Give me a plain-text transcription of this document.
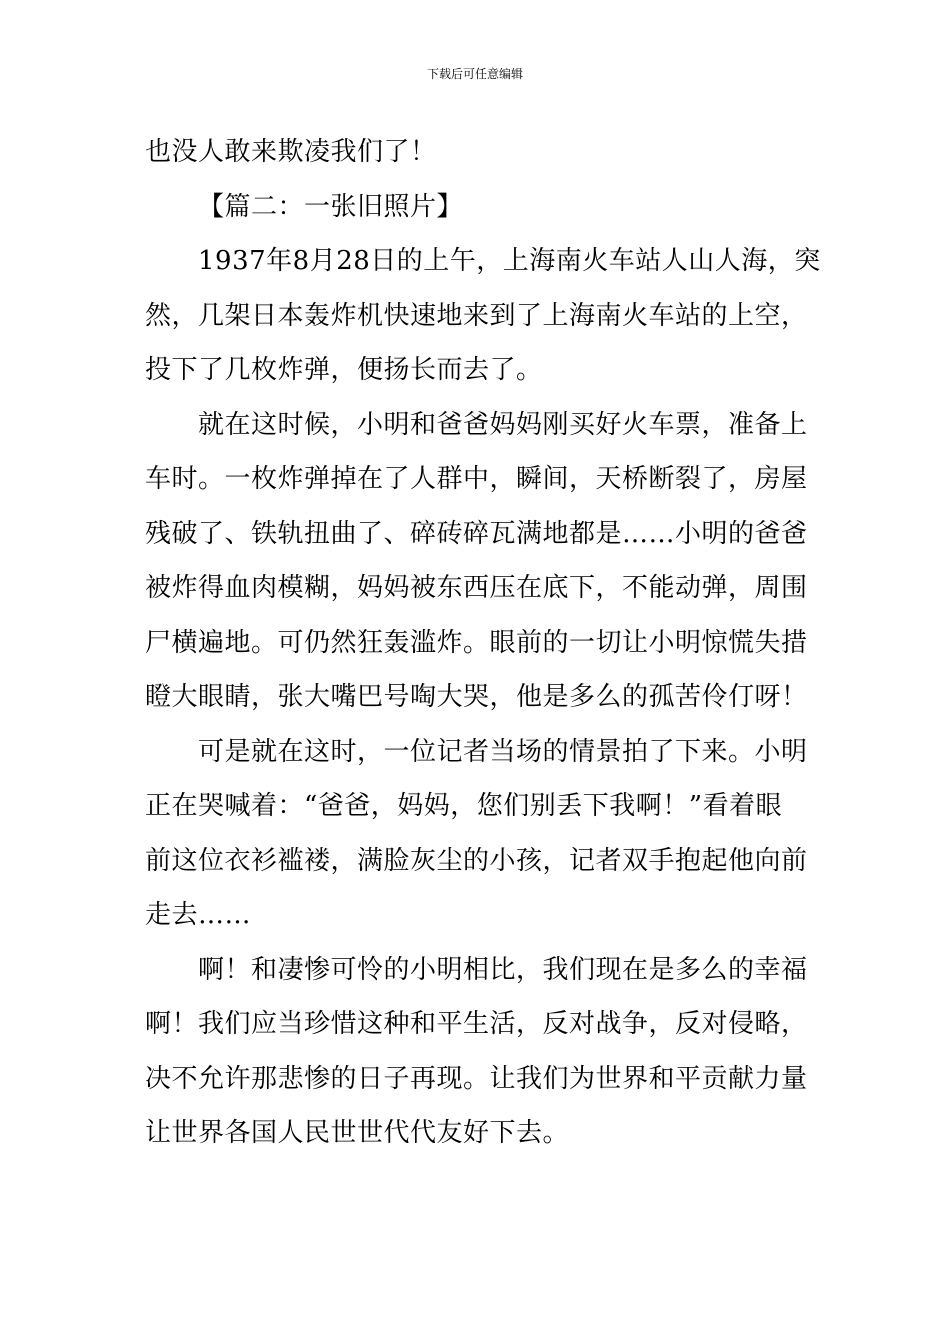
下载后可任意编辑
也没人敢来欺凌我们了！
【篇二：一张旧照片】
1937年8月28日的上午，上海南火车站人山人海，突
然，几架日本轰炸机快速地来到了上海南火车站的上空，
投下了几枚炸弹，便扬长而去了。
就在这时候，小明和爸爸妈妈刚买好火车票，准备上
车时。一枚炸弹掉在了人群中，瞬间，天桥断裂了，房屋
残破了、铁轨扭曲了、碎砖碎瓦满地都是……小明的爸爸
被炸得血肉模糊，妈妈被东西压在底下，不能动弹，周围
尸横遍地。可仍然狂轰滥炸。眼前的一切让小明惊慌失措
瞪大眼睛，张大嘴巴号啕大哭，他是多么的孤苦伶仃呀！
可是就在这时，一位记者当场的情景拍了下来。小明
正在哭喊着：“爸爸，妈妈，您们别丢下我啊！”看着眼
前这位衣衫褴褛，满脸灰尘的小孩，记者双手抱起他向前
走去……
啊！和凄惨可怜的小明相比，我们现在是多么的幸福
啊！我们应当珍惜这种和平生活，反对战争，反对侵略，
决不允许那悲惨的日子再现。让我们为世界和平贡献力量
让世界各国人民世世代代友好下去。
